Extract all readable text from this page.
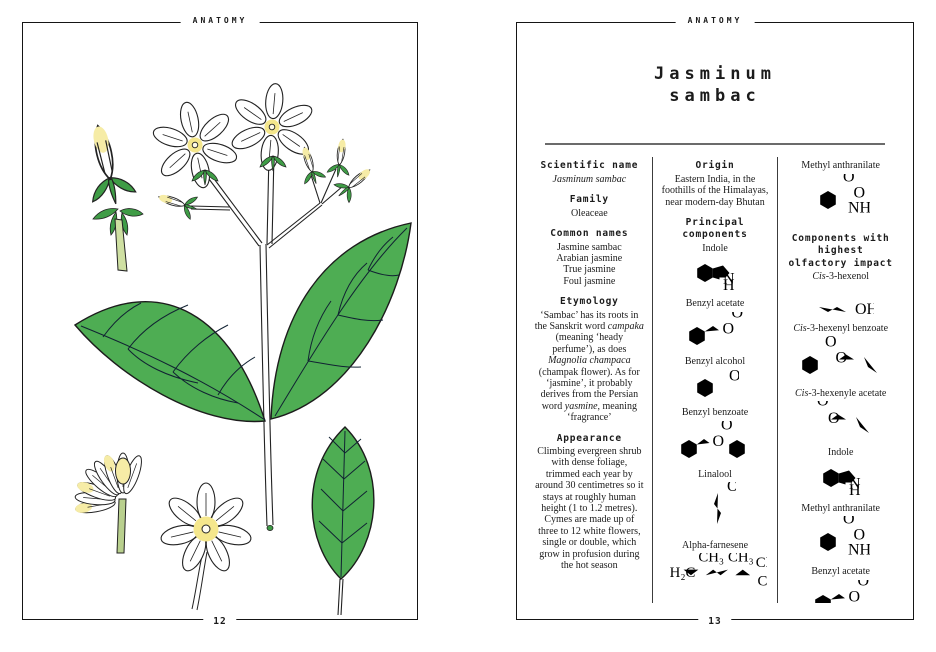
ANATOMY
12
ANATOMY
Jasminum
sambac
Scientific name

Jasminum sambac

Family

Oleaceae

Common names

Jasmine sambac

Arabian jasmine

True jasmine

Foul jasmine

Etymology

‘Sambac’ has its roots in the Sanskrit word campaka (meaning ‘heady perfume’), as does Magnolia champaca (champak flower). As for ‘jasmine’, it probably derives from the Persian word yasmine, meaning ‘fragrance’

Appearance

Climbing evergreen shrub with dense foliage, trimmed each year by around 30 centimetres so it stays at roughly human height (1 to 1.2 metres). Cymes are made up of three to 12 white flowers, single or double, which grow in profusion during the hot season

Origin

Eastern India, in the foothills of the Himalayas, near modern-day Bhutan

Principal components

Indole

Benzyl acetate

Benzyl alcohol

Benzyl benzoate

Linalool

Alpha-farnesene

Methyl anthranilate

Components with highest olfactory impact

Cis-3-hexenol

Cis-3-hexenyl benzoate

Cis-3-hexenyle acetate

Indole

Methyl anthranilate

Benzyl acetate

13
